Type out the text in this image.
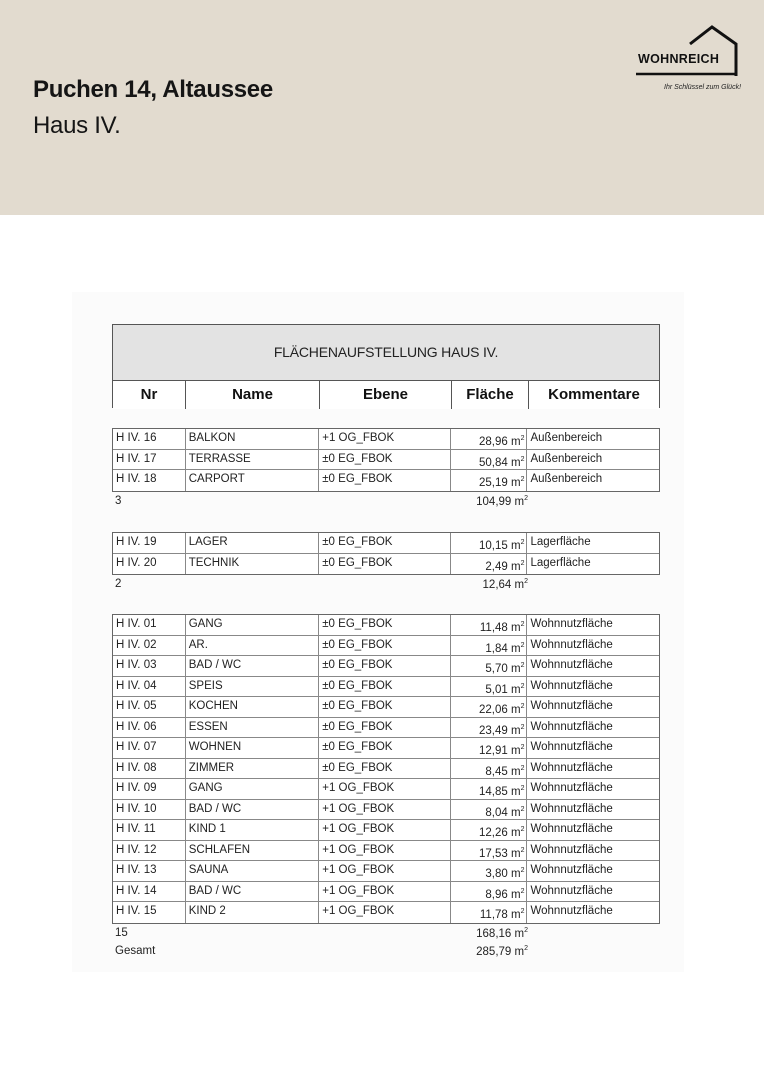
Puchen 14, Altaussee
Haus IV.
WOHNREICH
Ihr Schlüssel zum Glück!
FLÄCHENAUFSTELLUNG HAUS IV.
Nr	Name	Ebene	Fläche	Kommentare
H IV. 16	BALKON	+1 OG_FBOK	28,96 $m^2$ Außenbereich
H IV. 17	TERRASSE	±0 EG_FBOK	50,84 $m^2$ Außenbereich
H IV. 18	CARPORT	±0 EG_FBOK	25,19 $m^2$ Außenbereich
3	104,99 $m^2$
H IV. 19	LAGER	±0 EG_FBOK	10,15 $m^2$ Lagerfläche
H IV. 20	TECHNIK	±0 EG_FBOK	2,49 $m^2$ Lagerfläche
2	12,64 $m^2$
H IV. 01	GANG	±0 EG_FBOK	11,48 $m^2$ Wohnnutzfläche
H IV. 02	AR.	±0 EG_FBOK	1,84 $m^2$ Wohnnutzfläche
H IV. 03	BAD / WC	±0 EG_FBOK	5,70 $m^2$ Wohnnutzfläche
H IV. 04	SPEIS	±0 EG_FBOK	5,01 $m^2$ Wohnnutzfläche
H IV. 05	KOCHEN	±0 EG_FBOK	22,06 $m^2$ Wohnnutzfläche
H IV. 06	ESSEN	±0 EG_FBOK	23,49 $m^2$ Wohnnutzfläche
H IV. 07	WOHNEN	±0 EG_FBOK	12,91 $m^2$ Wohnnutzfläche
H IV. 08	ZIMMER	±0 EG_FBOK	8,45 $m^2$ Wohnnutzfläche
H IV. 09	GANG	+1 OG_FBOK	14,85 $m^2$ Wohnnutzfläche
H IV. 10	BAD / WC	+1 OG_FBOK	8,04 $m^2$ Wohnnutzfläche
H IV. 11	KIND 1	+1 OG_FBOK	12,26 $m^2$ Wohnnutzfläche
H IV. 12	SCHLAFEN	+1 OG_FBOK	17,53 $m^2$ Wohnnutzfläche
H IV. 13	SAUNA	+1 OG_FBOK	3,80 $m^2$ Wohnnutzfläche
H IV. 14	BAD / WC	+1 OG_FBOK	8,96 $m^2$ Wohnnutzfläche
H IV. 15	KIND 2	+1 OG_FBOK	11,78 $m^2$ Wohnnutzfläche
15	168,16 $m^2$
Gesamt	285,79 $m^2$
